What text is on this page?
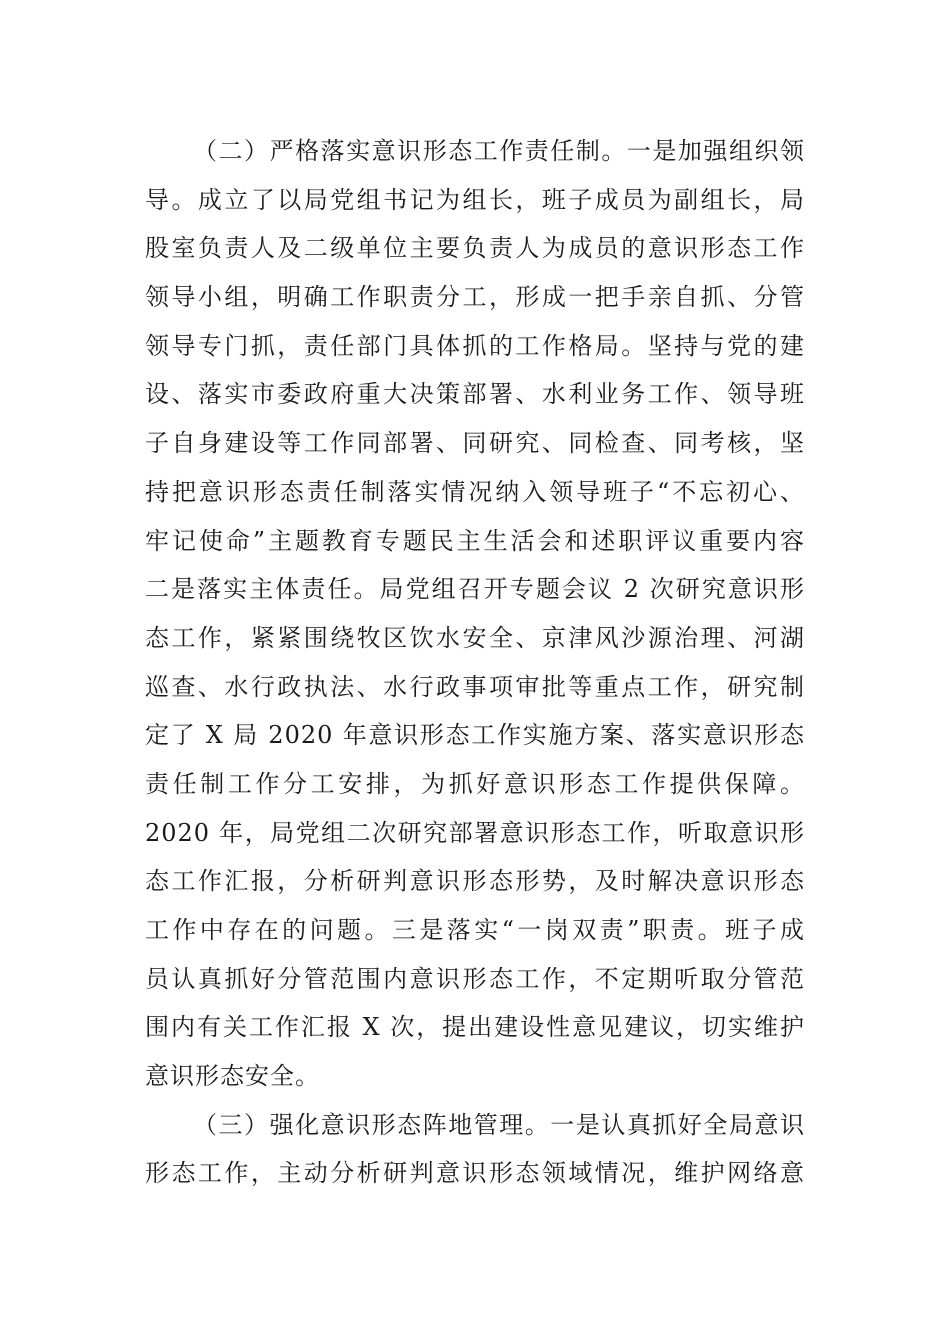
（二）严格落实意识形态工作责任制。一是加强组织领
导。成立了以局党组书记为组长，班子成员为副组长，局
股室负责人及二级单位主要负责人为成员的意识形态工作
领导小组，明确工作职责分工，形成一把手亲自抓、分管
领导专门抓，责任部门具体抓的工作格局。坚持与党的建
设、落实市委政府重大决策部署、水利业务工作、领导班
子自身建设等工作同部署、同研究、同检查、同考核，坚
持把意识形态责任制落实情况纳入领导班子“不忘初心、
牢记使命”主题教育专题民主生活会和述职评议重要内容
二是落实主体责任。局党组召开专题会议 2 次研究意识形
态工作，紧紧围绕牧区饮水安全、京津风沙源治理、河湖
巡查、水行政执法、水行政事项审批等重点工作，研究制
定了 X 局 2020 年意识形态工作实施方案、落实意识形态
责任制工作分工安排，为抓好意识形态工作提供保障。
2020 年，局党组二次研究部署意识形态工作，听取意识形
态工作汇报，分析研判意识形态形势，及时解决意识形态
工作中存在的问题。三是落实“一岗双责”职责。班子成
员认真抓好分管范围内意识形态工作，不定期听取分管范
围内有关工作汇报 X 次，提出建设性意见建议，切实维护
意识形态安全。
（三）强化意识形态阵地管理。一是认真抓好全局意识
形态工作，主动分析研判意识形态领域情况，维护网络意
